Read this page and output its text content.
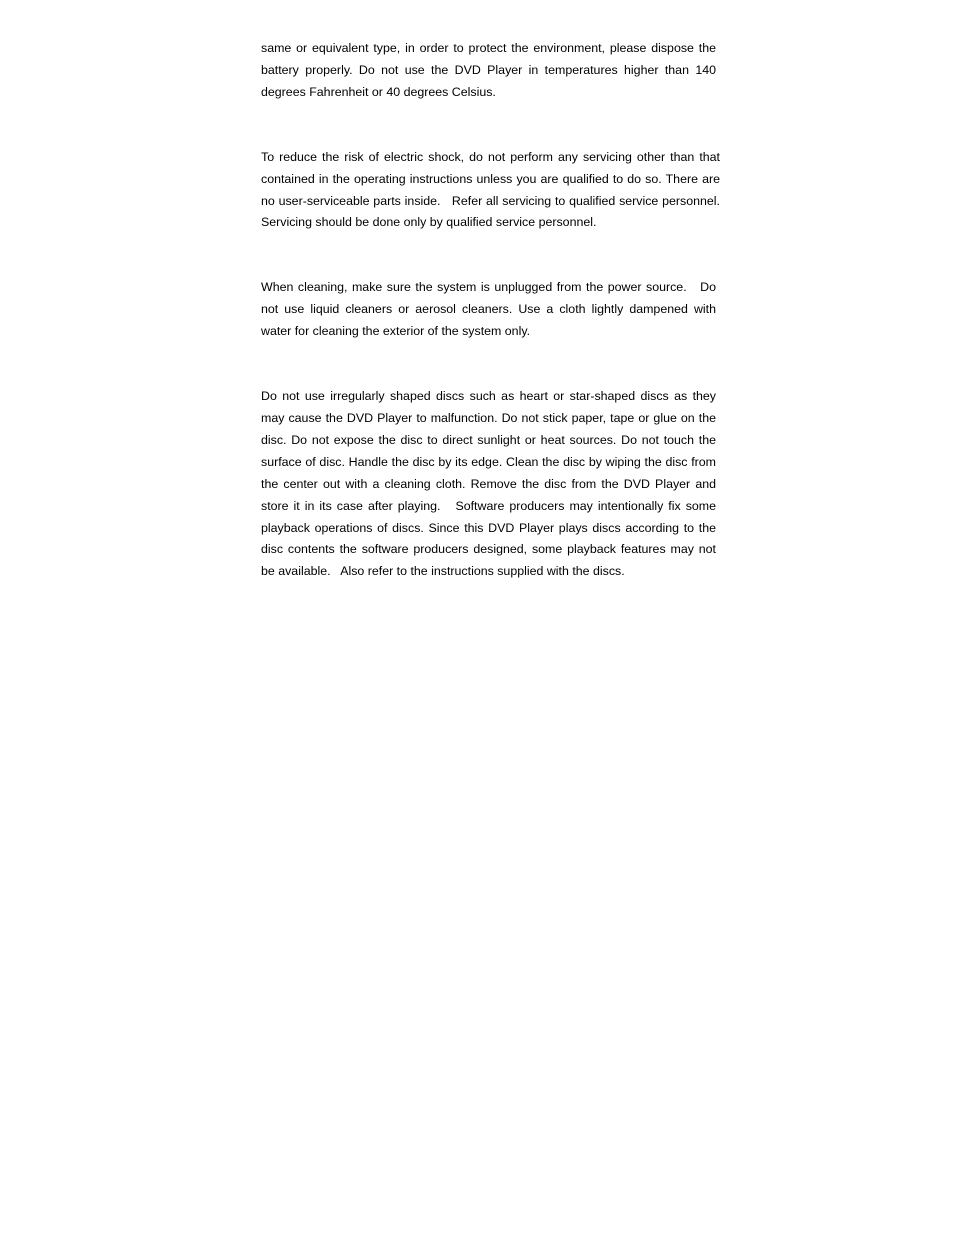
same or equivalent type, in order to protect the environment, please dispose the battery properly. Do not use the DVD Player in temperatures higher than 140 degrees Fahrenheit or 40 degrees Celsius.

To reduce the risk of electric shock, do not perform any servicing other than that contained in the operating instructions unless you are qualified to do so. There are no user-serviceable parts inside.   Refer all servicing to qualified service personnel. Servicing should be done only by qualified service personnel.

When cleaning, make sure the system is unplugged from the power source.   Do not use liquid cleaners or aerosol cleaners. Use a cloth lightly dampened with water for cleaning the exterior of the system only.

Do not use irregularly shaped discs such as heart or star-shaped discs as they may cause the DVD Player to malfunction. Do not stick paper, tape or glue on the disc. Do not expose the disc to direct sunlight or heat sources. Do not touch the surface of disc. Handle the disc by its edge. Clean the disc by wiping the disc from the center out with a cleaning cloth. Remove the disc from the DVD Player and store it in its case after playing.   Software producers may intentionally fix some playback operations of discs. Since this DVD Player plays discs according to the disc contents the software producers designed, some playback features may not be available.   Also refer to the instructions supplied with the discs.
